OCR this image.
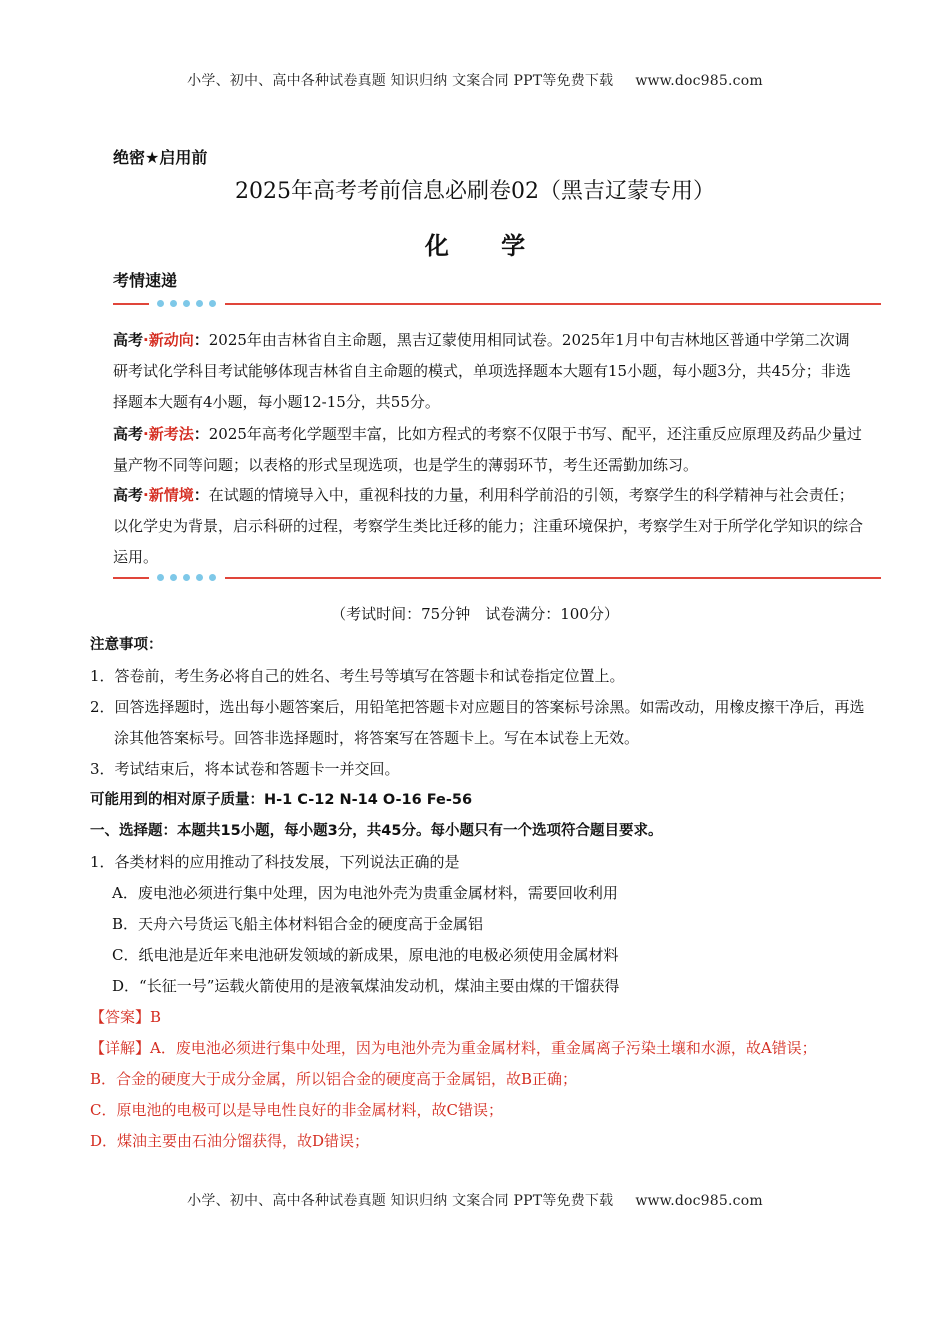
小学、初中、高中各种试卷真题 知识归纳 文案合同 PPT等免费下载 www.doc985.com
绝密★启用前
2025年高考考前信息必刷卷02（黑吉辽蒙专用）
化 学
考情速递
高考·新动向：2025年由吉林省自主命题，黑吉辽蒙使用相同试卷。2025年1月中旬吉林地区普通中学第二次调研考试化学科目考试能够体现吉林省自主命题的模式，单项选择题本大题有15小题，每小题3分，共45分；非选择题本大题有4小题，每小题12-15分，共55分。
高考·新考法：2025年高考化学题型丰富，比如方程式的考察不仅限于书写、配平，还注重反应原理及药品少量过量产物不同等问题；以表格的形式呈现选项，也是学生的薄弱环节，考生还需勤加练习。
高考·新情境：在试题的情境导入中，重视科技的力量，利用科学前沿的引领，考察学生的科学精神与社会责任；以化学史为背景，启示科研的过程，考察学生类比迁移的能力；注重环境保护，考察学生对于所学化学知识的综合运用。
（考试时间：75分钟　试卷满分：100分）
注意事项：
1．答卷前，考生务必将自己的姓名、考生号等填写在答题卡和试卷指定位置上。
2．回答选择题时，选出每小题答案后，用铅笔把答题卡对应题目的答案标号涂黑。如需改动，用橡皮擦干净后，再选涂其他答案标号。回答非选择题时，将答案写在答题卡上。写在本试卷上无效。
3．考试结束后，将本试卷和答题卡一并交回。
可能用到的相对原子质量：H-1 C-12 N-14 O-16 Fe-56
一、选择题：本题共15小题，每小题3分，共45分。每小题只有一个选项符合题目要求。
1．各类材料的应用推动了科技发展，下列说法正确的是
A．废电池必须进行集中处理，因为电池外壳为贵重金属材料，需要回收利用
B．天舟六号货运飞船主体材料铝合金的硬度高于金属铝
C．纸电池是近年来电池研发领域的新成果，原电池的电极必须使用金属材料
D．“长征一号”运载火箭使用的是液氧煤油发动机，煤油主要由煤的干馏获得
【答案】B
【详解】A．废电池必须进行集中处理，因为电池外壳为重金属材料，重金属离子污染土壤和水源，故A错误；
B．合金的硬度大于成分金属，所以铝合金的硬度高于金属铝，故B正确；
C．原电池的电极可以是导电性良好的非金属材料，故C错误；
D．煤油主要由石油分馏获得，故D错误；
小学、初中、高中各种试卷真题 知识归纳 文案合同 PPT等免费下载 www.doc985.com
